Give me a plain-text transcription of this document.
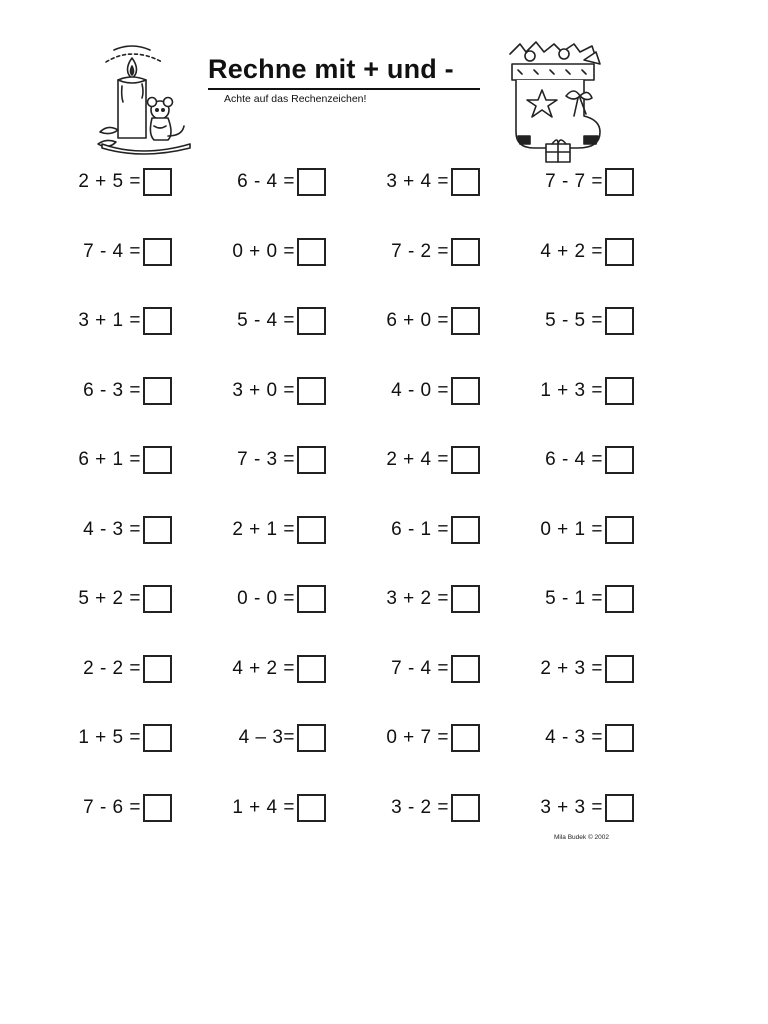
Rechne mit + und -
Achte auf das Rechenzeichen!
2 + 5 =	6 - 4 =	3 + 4 =	7 - 7 =
7 - 4 =	0 + 0 =	7 - 2 =	4 + 2 =
3 + 1 =	5 - 4 =	6 + 0 =	5 - 5 =
6 - 3 =	3 + 0 =	4 - 0 =	1 + 3 =
6 + 1 =	7 - 3 =	2 + 4 =	6 - 4 =
4 - 3 =	2 + 1 =	6 - 1 =	0 + 1 =
5 + 2 =	0 - 0 =	3 + 2 =	5 - 1 =
2 - 2 =	4 + 2 =	7 - 4 =	2 + 3 =
1 + 5 =	4 – 3=	0 + 7 =	4 - 3 =
7 - 6 =	1 + 4 =	3 - 2 =	3 + 3 =
Mila Budek © 2002
